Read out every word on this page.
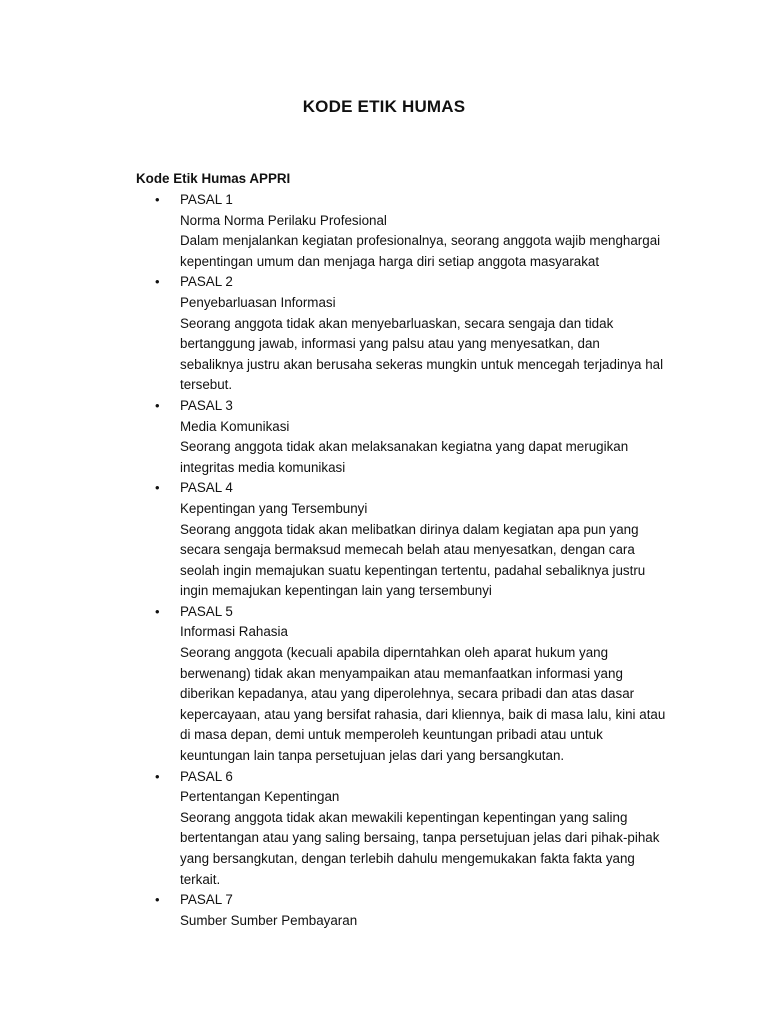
KODE ETIK HUMAS
Kode Etik Humas APPRI
• PASAL 1
Norma Norma Perilaku Profesional
Dalam menjalankan kegiatan profesionalnya, seorang anggota wajib menghargai
kepentingan umum dan menjaga harga diri setiap anggota masyarakat
• PASAL 2
Penyebarluasan Informasi
Seorang anggota tidak akan menyebarluaskan, secara sengaja dan tidak
bertanggung jawab, informasi yang palsu atau yang menyesatkan, dan
sebaliknya justru akan berusaha sekeras mungkin untuk mencegah terjadinya hal
tersebut.
• PASAL 3
Media Komunikasi
Seorang anggota tidak akan melaksanakan kegiatna yang dapat merugikan
integritas media komunikasi
• PASAL 4
Kepentingan yang Tersembunyi
Seorang anggota tidak akan melibatkan dirinya dalam kegiatan apa pun yang
secara sengaja bermaksud memecah belah atau menyesatkan, dengan cara
seolah ingin memajukan suatu kepentingan tertentu, padahal sebaliknya justru
ingin memajukan kepentingan lain yang tersembunyi
• PASAL 5
Informasi Rahasia
Seorang anggota (kecuali apabila diperntahkan oleh aparat hukum yang
berwenang) tidak akan menyampaikan atau memanfaatkan informasi yang
diberikan kepadanya, atau yang diperolehnya, secara pribadi dan atas dasar
kepercayaan, atau yang bersifat rahasia, dari kliennya, baik di masa lalu, kini atau
di masa depan, demi untuk memperoleh keuntungan pribadi atau untuk
keuntungan lain tanpa persetujuan jelas dari yang bersangkutan.
• PASAL 6
Pertentangan Kepentingan
Seorang anggota tidak akan mewakili kepentingan kepentingan yang saling
bertentangan atau yang saling bersaing, tanpa persetujuan jelas dari pihak-pihak
yang bersangkutan, dengan terlebih dahulu mengemukakan fakta fakta yang
terkait.
• PASAL 7
Sumber Sumber Pembayaran
